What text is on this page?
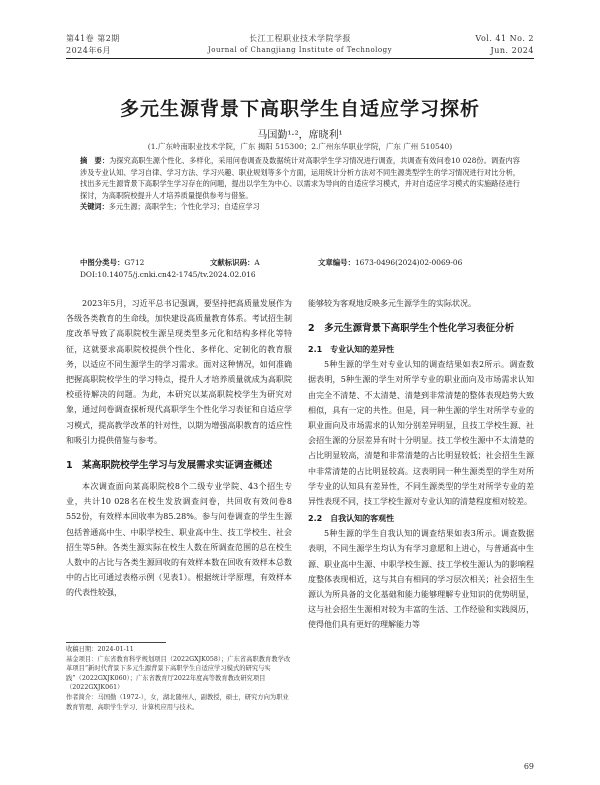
第41卷 第2期	长江工程职业技术学院学报	Vol. 41 No. 2
2024年6月	Journal of Changjiang Institute of Technology	Jun. 2024
多元生源背景下高职学生自适应学习探析
马国勤¹·²，席晓利¹
(1.广东岭南职业技术学院，广东 揭阳 515300；2.广州东华职业学院，广东 广州 510540)
摘　要：为探究高职生源个性化、多样化，采用问卷调查及数据统计对高职学生学习情况进行调查，共调查有效问卷10 028份。调查内容涉及专业认知、学习自律、学习方法、学习兴趣、职业规划等多个方面，运用统计分析方法对不同生源类型学生的学习情况进行对比分析，找出多元生源背景下高职学生学习存在的问题，提出以学生为中心、以需求为导向的自适应学习模式，并对自适应学习模式的实施路径进行探讨，为高职院校提升人才培养质量提供参考与借鉴。
关键词：多元生源；高职学生；个性化学习；自适应学习
中图分类号：G712	文献标识码：A	文章编号：1673-0496(2024)02-0069-06
DOI:10.14075/j.cnki.cn42-1745/tv.2024.02.016

2023年5月，习近平总书记强调，要坚持把高质量发展作为各级各类教育的生命线，加快建设高质量教育体系。考试招生制度改革导致了高职院校生源呈现类型多元化和结构多样化等特征，这就要求高职院校提供个性化、多样化、定制化的教育服务，以适应不同生源学生的学习需求。面对这种情况，如何准确把握高职院校学生的学习特点，提升人才培养质量就成为高职院校亟待解决的问题。为此，本研究以某高职院校学生为研究对象，通过问卷调查探析现代高职学生个性化学习表征和自适应学习模式，提高教学改革的针对性，以期为增强高职教育的适应性和吸引力提供借鉴与参考。

1　某高职院校学生学习与发展需求实证调查概述

本次调查面向某高职院校8个二级专业学院、43个招生专业，共计10 028名在校生发放调查问卷，共回收有效问卷8 552份，有效样本回收率为85.28%。参与问卷调查的学生生源包括普通高中生、中职学校生、职业高中生、技工学校生、社会招生等5种。各类生源实际在校生人数在所调查范围的总在校生人数中的占比与各类生源回收的有效样本数在回收有效样本总数中的占比可通过表格示例（见表1）。根据统计学原理，有效样本的代表性较强，

收稿日期：2024-01-11
基金项目：广东省教育科学规划项目（2022GXJK058）；广东省高职教育教学改革项目“新时代背景下多元生源背景下高职学生自适应学习模式的研究与实践”（2022GXJK060）；广东省教育厅2022年度高等教育教改研究项目（2022GXJK061）
作者简介：马国勤（1972-），女，湖北随州人，副教授，硕士，研究方向为职业教育管理、高职学生学习、计算机应用与技术。

能够较为客观地反映多元生源学生的实际状况。

2　多元生源背景下高职学生个性化学习表征分析
2.1　专业认知的差异性

5种生源的学生对专业认知的调查结果如表2所示。调查数据表明，5种生源的学生对所学专业的职业面向及市场需求认知由完全不清楚、不太清楚、清楚到非常清楚的整体表现趋势大致相似，具有一定的共性。但是，同一种生源的学生对所学专业的职业面向及市场需求的认知分别差异明显，且技工学校生源、社会招生源的分层差异有时十分明显。技工学校生源中不太清楚的占比明显较高，清楚和非常清楚的占比明显较低；社会招生生源中非常清楚的占比明显较高。这表明同一种生源类型的学生对所学专业的认知具有差异性，不同生源类型的学生对所学专业的差异性表现不同，技工学校生源对专业认知的清楚程度相对较差。

2.2　自我认知的客观性

5种生源的学生自我认知的调查结果如表3所示。调查数据表明，不同生源学生均认为有学习意愿和上进心，与普通高中生源、职业高中生源、中职学校生源、技工学校生源认为的影响程度整体表现相近，这与其自有相同的学习层次相关；社会招生生源认为所具备的文化基础和能力能够理解专业知识的优势明显，这与社会招生生源相对较为丰富的生活、工作经验和实践阅历，使得他们具有更好的理解能力等

69
